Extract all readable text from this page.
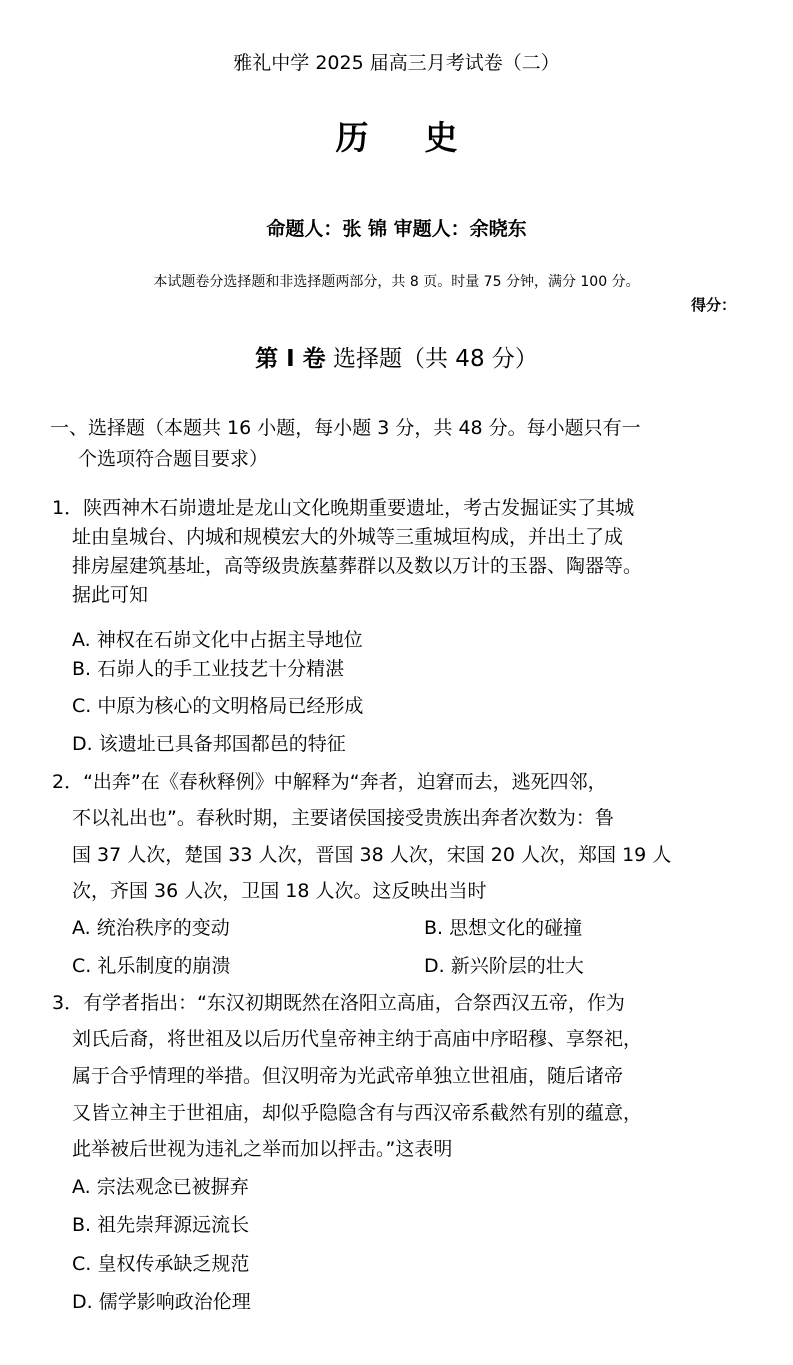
雅礼中学 2025 届高三月考试卷（二）
历 史
命题人：张 锦 审题人：余晓东
本试题卷分选择题和非选择题两部分，共 8 页。时量 75 分钟，满分 100 分。
得分：
第 I 卷 选择题（共 48 分）
一、选择题（本题共 16 小题，每小题 3 分，共 48 分。每小题只有一
个选项符合题目要求）
1．陕西神木石峁遗址是龙山文化晚期重要遗址，考古发掘证实了其城
址由皇城台、内城和规模宏大的外城等三重城垣构成，并出土了成
排房屋建筑基址，高等级贵族墓葬群以及数以万计的玉器、陶器等。
据此可知
A. 神权在石峁文化中占据主导地位
B. 石峁人的手工业技艺十分精湛
C. 中原为核心的文明格局已经形成
D. 该遗址已具备邦国都邑的特征
2．“出奔”在《春秋释例》中解释为“奔者，迫窘而去，逃死四邻，
不以礼出也”。春秋时期，主要诸侯国接受贵族出奔者次数为：鲁
国 37 人次，楚国 33 人次，晋国 38 人次，宋国 20 人次，郑国 19 人
次，齐国 36 人次，卫国 18 人次。这反映出当时
A. 统治秩序的变动	B. 思想文化的碰撞
C. 礼乐制度的崩溃	D. 新兴阶层的壮大
3．有学者指出：“东汉初期既然在洛阳立高庙，合祭西汉五帝，作为
刘氏后裔，将世祖及以后历代皇帝神主纳于高庙中序昭穆、享祭祀，
属于合乎情理的举措。但汉明帝为光武帝单独立世祖庙，随后诸帝
又皆立神主于世祖庙，却似乎隐隐含有与西汉帝系截然有别的蕴意，
此举被后世视为违礼之举而加以抨击。”这表明
A. 宗法观念已被摒弃
B. 祖先崇拜源远流长
C. 皇权传承缺乏规范
D. 儒学影响政治伦理
